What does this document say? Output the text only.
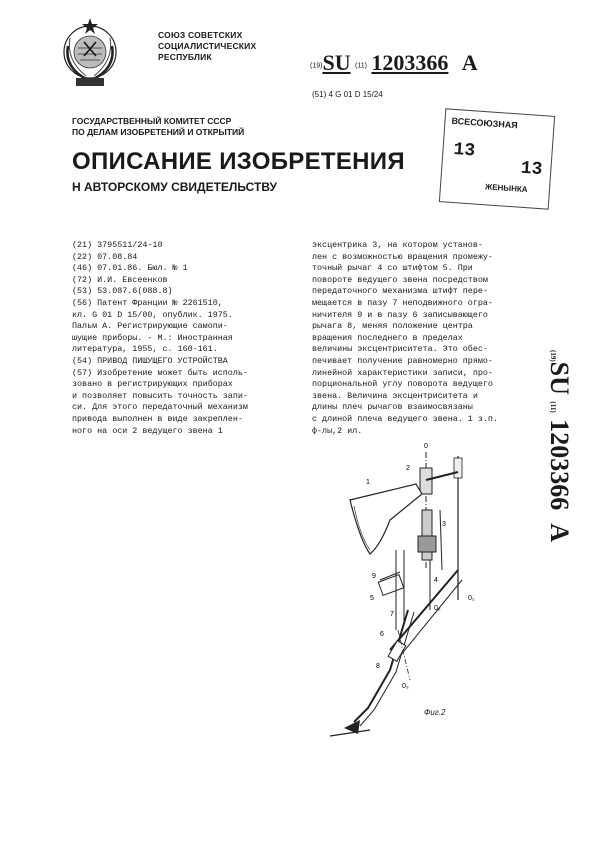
СОЮЗ СОВЕТСКИХ
СОЦИАЛИСТИЧЕСКИХ
РЕСПУБЛИК
(19)SU (11) 1203366 A
(51) 4 G 01 D 15/24
ГОСУДАРСТВЕННЫЙ КОМИТЕТ СССР
ПО ДЕЛАМ ИЗОБРЕТЕНИЙ И ОТКРЫТИЙ
ВСЕСОЮЗНАЯ
13
13
ЖЕНЫНКА
ОПИСАНИЕ ИЗОБРЕТЕНИЯ
Н АВТОРСКОМУ СВИДЕТЕЛЬСТВУ
(21) 3795511/24-10
(22) 07.08.84
(46) 07.01.86. Бюл. № 1
(72) И.И. Евсеенков
(53) 53.087.6(088.8)
(56) Патент Франции № 2261510,
кл. G 01 D 15/00, опублик. 1975.
Пальм А. Регистрирующие самопи-
шущие приборы. - М.: Иностранная
литература, 1955, с. 160-161.
(54) ПРИВОД ПИШУЩЕГО УСТРОЙСТВА
(57) Изобретение может быть исполь-
зовано в регистрирующих приборах
и позволяет повысить точность запи-
си. Для этого передаточный механизм
привода выполнен в виде закреплен-
ного на оси 2 ведущего звена 1
эксцентрика 3, на котором установ-
лен с возможностью вращения промежу-
точный рычаг 4 со штифтом 5. При
повороте ведущего звена посредством
передаточного механизма штифт пере-
мещается в пазу 7 неподвижного огра-
ничителя 9 и в пазу 6 записывающего
рычага 8, меняя положение центра
вращения последнего в пределах
величины эксцентриситета. Это обес-
печивает получение равномерно прямо-
линейной характеристики записи, про-
порциональной углу поворота ведущего
звена. Величина эксцентриситета и
длины плеч рычагов взаимосвязаны
с длиной плеча ведущего звена. 1 з.п.
ф-лы,2 ил.
(19)SU (11) 1203366  A
0
2
1
3
4
5
6
7
8
9
0₁
0₂
0₃
Фиг.2
